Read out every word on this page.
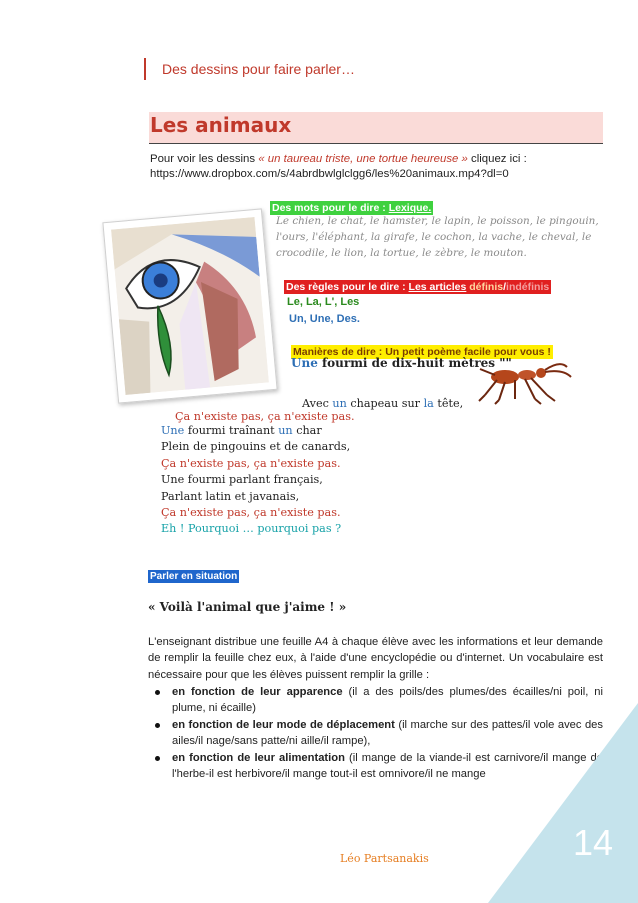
Des dessins pour faire parler…
Les animaux
Pour voir les dessins « un taureau triste, une tortue heureuse » cliquez ici :
https://www.dropbox.com/s/4abrdbwlglclgg6/les%20animaux.mp4?dl=0
Des mots pour le dire : Lexique.
Le chien, le chat, le hamster, le lapin, le poisson, le pingouin, l'ours, l'éléphant, la girafe, le cochon, la vache, le cheval, le crocodile, le lion, la tortue, le zèbre, le mouton.
Des règles pour le dire : Les articles définis/indéfinis
Le, La, L', Les
Un, Une, Des.
Manières de dire : Un petit poème facile pour vous !
Une fourmi de dix-huit mètres ""
Avec un chapeau sur la tête,
Ça n'existe pas, ça n'existe pas.
Une fourmi traînant un char
Plein de pingouins et de canards,
Ça n'existe pas, ça n'existe pas.
Une fourmi parlant français,
Parlant latin et javanais,
Ça n'existe pas, ça n'existe pas.
Eh ! Pourquoi … pourquoi pas ?
Parler en situation
« Voilà l'animal que j'aime ! »
L'enseignant distribue une feuille A4 à chaque élève avec les informations et leur demande de remplir la feuille chez eux, à l'aide d'une encyclopédie ou d'internet. Un vocabulaire est nécessaire pour que les élèves puissent remplir la grille :
en fonction de leur apparence (il a des poils/des plumes/des écailles/ni poil, ni plume, ni écaille)
en fonction de leur mode de déplacement (il marche sur des pattes/il vole avec des ailes/il nage/sans patte/ni aille/il rampe),
en fonction de leur alimentation (il mange de la viande-il est carnivore/il mange de l'herbe-il est herbivore/il mange tout-il est omnivore/il ne mange
14
Léo Partsanakis
